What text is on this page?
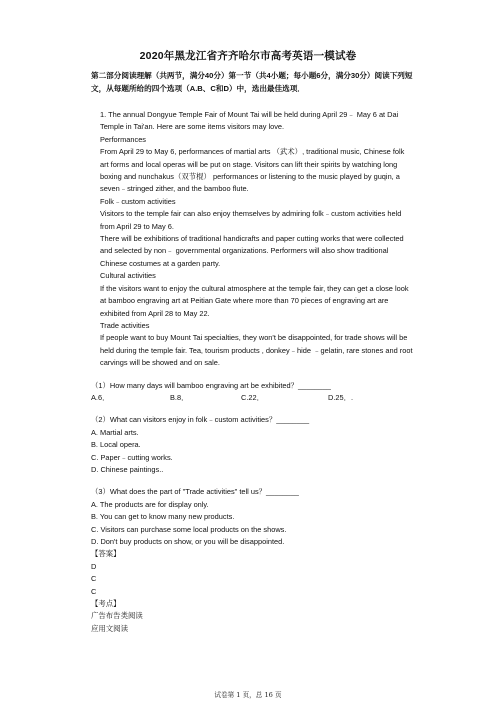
2020年黑龙江省齐齐哈尔市高考英语一模试卷
第二部分阅读理解（共两节，满分40分）第一节（共4小题；每小题6分，满分30分）阅读下列短文，从每题所给的四个选项（A.B、C和D）中，选出最佳选项．

1. The annual Dongyue Temple Fair of Mount Tai will be held during April 29﹣ May 6 at Dai Temple in Tai'an. Here are some items visitors may love.

Performances

From April 29 to May 6, performances of martial arts （武术）, traditional music, Chinese folk art forms and local operas will be put on stage. Visitors can lift their spirits by watching long boxing and nunchakus（双节棍） performances or listening to the music played by guqin, a seven﹣stringed zither, and the bamboo flute.

Folk﹣custom activities

Visitors to the temple fair can also enjoy themselves by admiring folk﹣custom activities held from April 29 to May 6.

There will be exhibitions of traditional handicrafts and paper cutting works that were collected and selected by non﹣ governmental organizations. Performers will also show traditional Chinese costumes at a garden party.

Cultural activities

If the visitors want to enjoy the cultural atmosphere at the temple fair, they can get a close look at bamboo engraving art at Peitian Gate where more than 70 pieces of engraving art are exhibited from April 28 to May 22.

Trade activities

If people want to buy Mount Tai specialties, they won't be disappointed, for trade shows will be held during the temple fair. Tea, tourism products , donkey﹣hide ﹣gelatin, rare stones and root carvings will be showed and on sale.

（1）How many days will bamboo engraving art be exhibited？________

A.6．	B.8．	C.22．	D.25．.

（2）What can visitors enjoy in folk﹣custom activities？________

A. Martial arts.

B. Local opera.

C. Paper﹣cutting works.

D. Chinese paintings..

（3）What does the part of "Trade activities" tell us？________

A. The products are for display only.

B. You can get to know many new products.

C. Visitors can purchase some local products on the shows.

D. Don't buy products on show, or you will be disappointed.

【答案】

D

C

C

【考点】

广告布告类阅读

应用文阅读

试卷第 1 页，总 16 页
